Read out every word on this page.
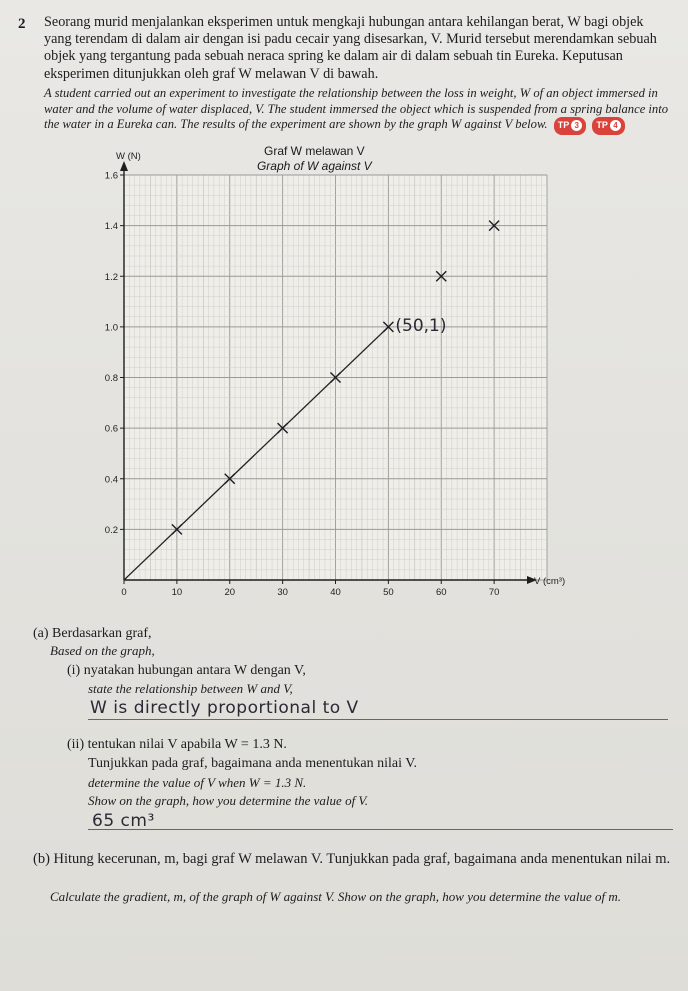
2 Seorang murid menjalankan eksperimen untuk mengkaji hubungan antara kehilangan berat, W bagi objek yang terendam di dalam air dengan isi padu cecair yang disesarkan, V. Murid tersebut merendamkan sebuah objek yang tergantung pada sebuah neraca spring ke dalam air di dalam sebuah tin Eureka. Keputusan eksperimen ditunjukkan oleh graf W melawan V di bawah.
A student carried out an experiment to investigate the relationship between the loss in weight, W of an object immersed in water and the volume of water displaced, V. The student immersed the object which is suspended from a spring balance into the water in a Eureka can. The results of the experiment are shown by the graph W against V below. TP 3 TP 4
0	10	20	30	40	50	60	70
0.2
0.4
0.6
0.8
1.0
1.2
1.4
1.6
W (N)
V (cm³)
Graf W melawan V
Graph of W against V
(50,1)
(a) Berdasarkan graf,
Based on the graph,
(i) nyatakan hubungan antara W dengan V,
state the relationship between W and V,
W is directly proportional to V
(ii) tentukan nilai V apabila W = 1.3 N.
Tunjukkan pada graf, bagaimana anda menentukan nilai V.
determine the value of V when W = 1.3 N.
Show on the graph, how you determine the value of V.
65 cm³
(b) Hitung kecerunan, m, bagi graf W melawan V. Tunjukkan pada graf, bagaimana anda menentukan nilai m.
Calculate the gradient, m, of the graph of W against V. Show on the graph, how you determine the value of m.
